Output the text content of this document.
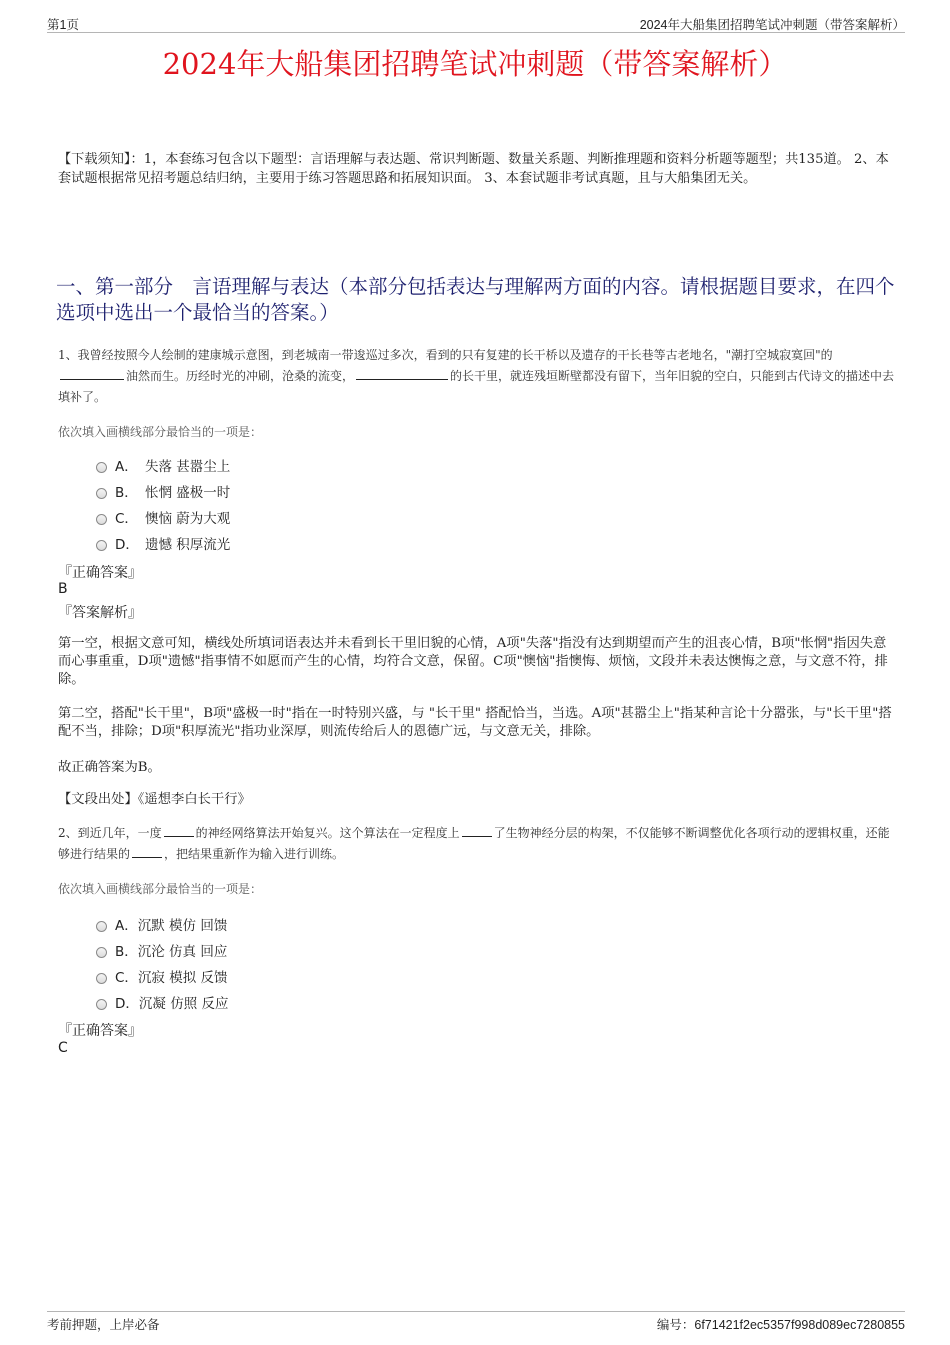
第1页	2024年大船集团招聘笔试冲刺题（带答案解析）
2024年大船集团招聘笔试冲刺题（带答案解析）
【下载须知】：1，本套练习包含以下题型：言语理解与表达题、常识判断题、数量关系题、判断推理题和资料分析题等题型；共135道。 2、本套试题根据常见招考题总结归纳，主要用于练习答题思路和拓展知识面。 3、本套试题非考试真题，且与大船集团无关。
一、第一部分　言语理解与表达（本部分包括表达与理解两方面的内容。请根据题目要求，在四个选项中选出一个最恰当的答案。）
1、我曾经按照今人绘制的建康城示意图，到老城南一带逡巡过多次，看到的只有复建的长干桥以及遗存的干长巷等古老地名，"潮打空城寂寞回"的油然而生。历经时光的冲刷，沧桑的流变，	的长干里，就连残垣断壁都没有留下，当年旧貌的空白，只能到古代诗文的描述中去填补了。
依次填入画横线部分最恰当的一项是：
A． 失落 甚嚣尘上
B． 怅惘 盛极一时
C． 懊恼 蔚为大观
D． 遗憾 积厚流光
『正确答案』
B
『答案解析』
第一空，根据文意可知，横线处所填词语表达并未看到长干里旧貌的心情，A项"失落"指没有达到期望而产生的沮丧心情，B项"怅惘"指因失意而心事重重，D项"遗憾"指事情不如愿而产生的心情，均符合文意，保留。C项"懊恼"指懊悔、烦恼，文段并未表达懊悔之意，与文意不符，排除。
第二空，搭配"长干里"，B项"盛极一时"指在一时特别兴盛，与 "长干里" 搭配恰当，当选。A项"甚嚣尘上"指某种言论十分嚣张，与"长干里"搭配不当，排除；D项"积厚流光"指功业深厚，则流传给后人的恩德广远，与文意无关，排除。
故正确答案为B。
【文段出处】《遥想李白长干行》
2、到近几年，一度	的神经网络算法开始复兴。这个算法在一定程度上	了生物神经分层的构架，不仅能够不断调整优化各项行动的逻辑权重，还能够进行结果的	，把结果重新作为输入进行训练。
依次填入画横线部分最恰当的一项是：
A． 沉默 模仿 回馈
B． 沉沦 仿真 回应
C． 沉寂 模拟 反馈
D． 沉凝 仿照 反应
『正确答案』
C
考前押题，上岸必备	编号：6f71421f2ec5357f998d089ec7280855
